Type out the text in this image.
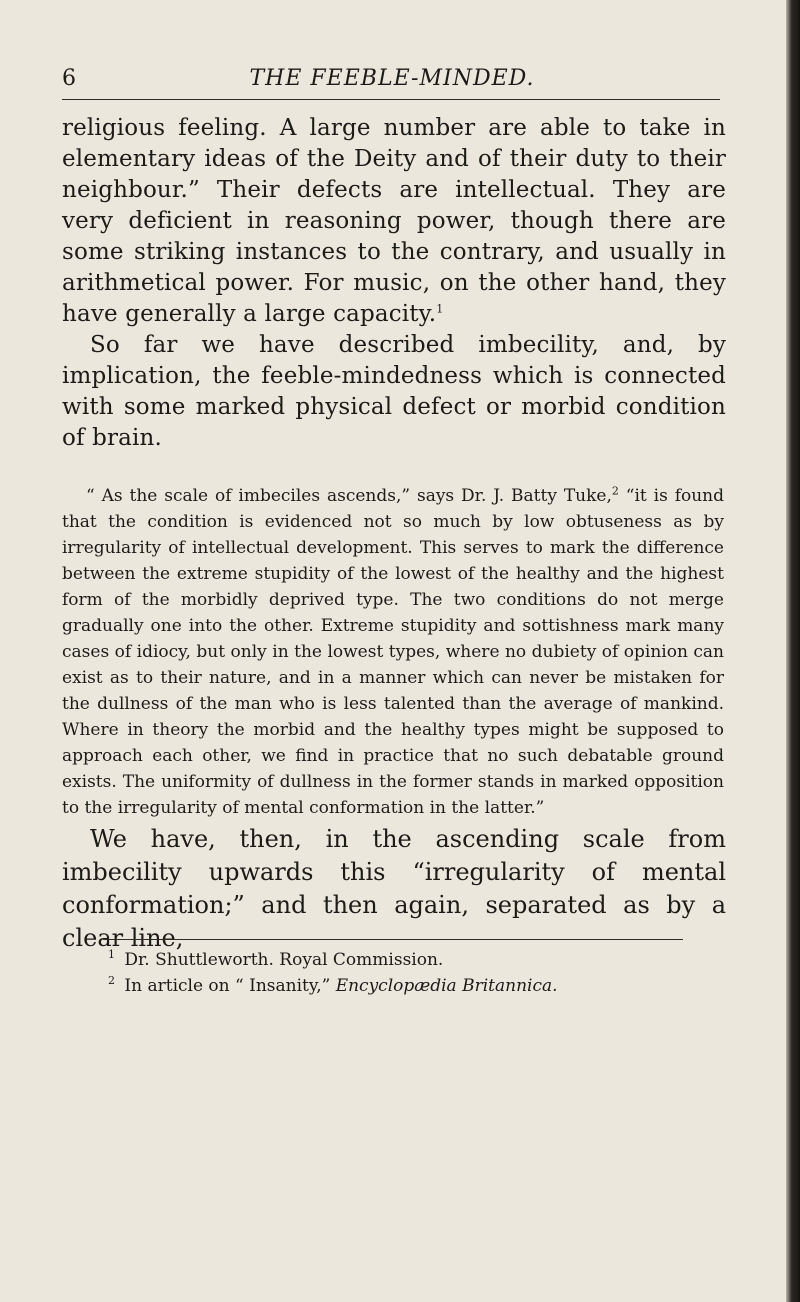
6	THE FEEBLE-MINDED.

religious feeling. A large number are able to take in elementary ideas of the Deity and of their duty to their neighbour.” Their defects are intellectual. They are very deficient in reasoning power, though there are some striking instances to the contrary, and usually in arithmetical power. For music, on the other hand, they have generally a large capacity.$^1$

So far we have described imbecility, and, by implication, the feeble-mindedness which is connected with some marked physical defect or morbid condition of brain.

“ As the scale of imbeciles ascends,” says Dr. J. Batty Tuke,$^2$ “it is found that the condition is evidenced not so much by low obtuseness as by irregularity of intellectual development. This serves to mark the difference between the extreme stupidity of the lowest of the healthy and the highest form of the morbidly deprived type. The two conditions do not merge gradually one into the other. Extreme stupidity and sottishness mark many cases of idiocy, but only in the lowest types, where no dubiety of opinion can exist as to their nature, and in a manner which can never be mistaken for the dullness of the man who is less talented than the average of mankind. Where in theory the morbid and the healthy types might be supposed to approach each other, we find in practice that no such debatable ground exists. The uniformity of dullness in the former stands in marked opposition to the irregularity of mental conformation in the latter.”

We have, then, in the ascending scale from imbecility upwards this “irregularity of mental conformation;” and then again, separated as by a clear line,

$^1$ Dr. Shuttleworth. Royal Commission.
$^2$ In article on “ Insanity,” Encyclopædia Britannica.
